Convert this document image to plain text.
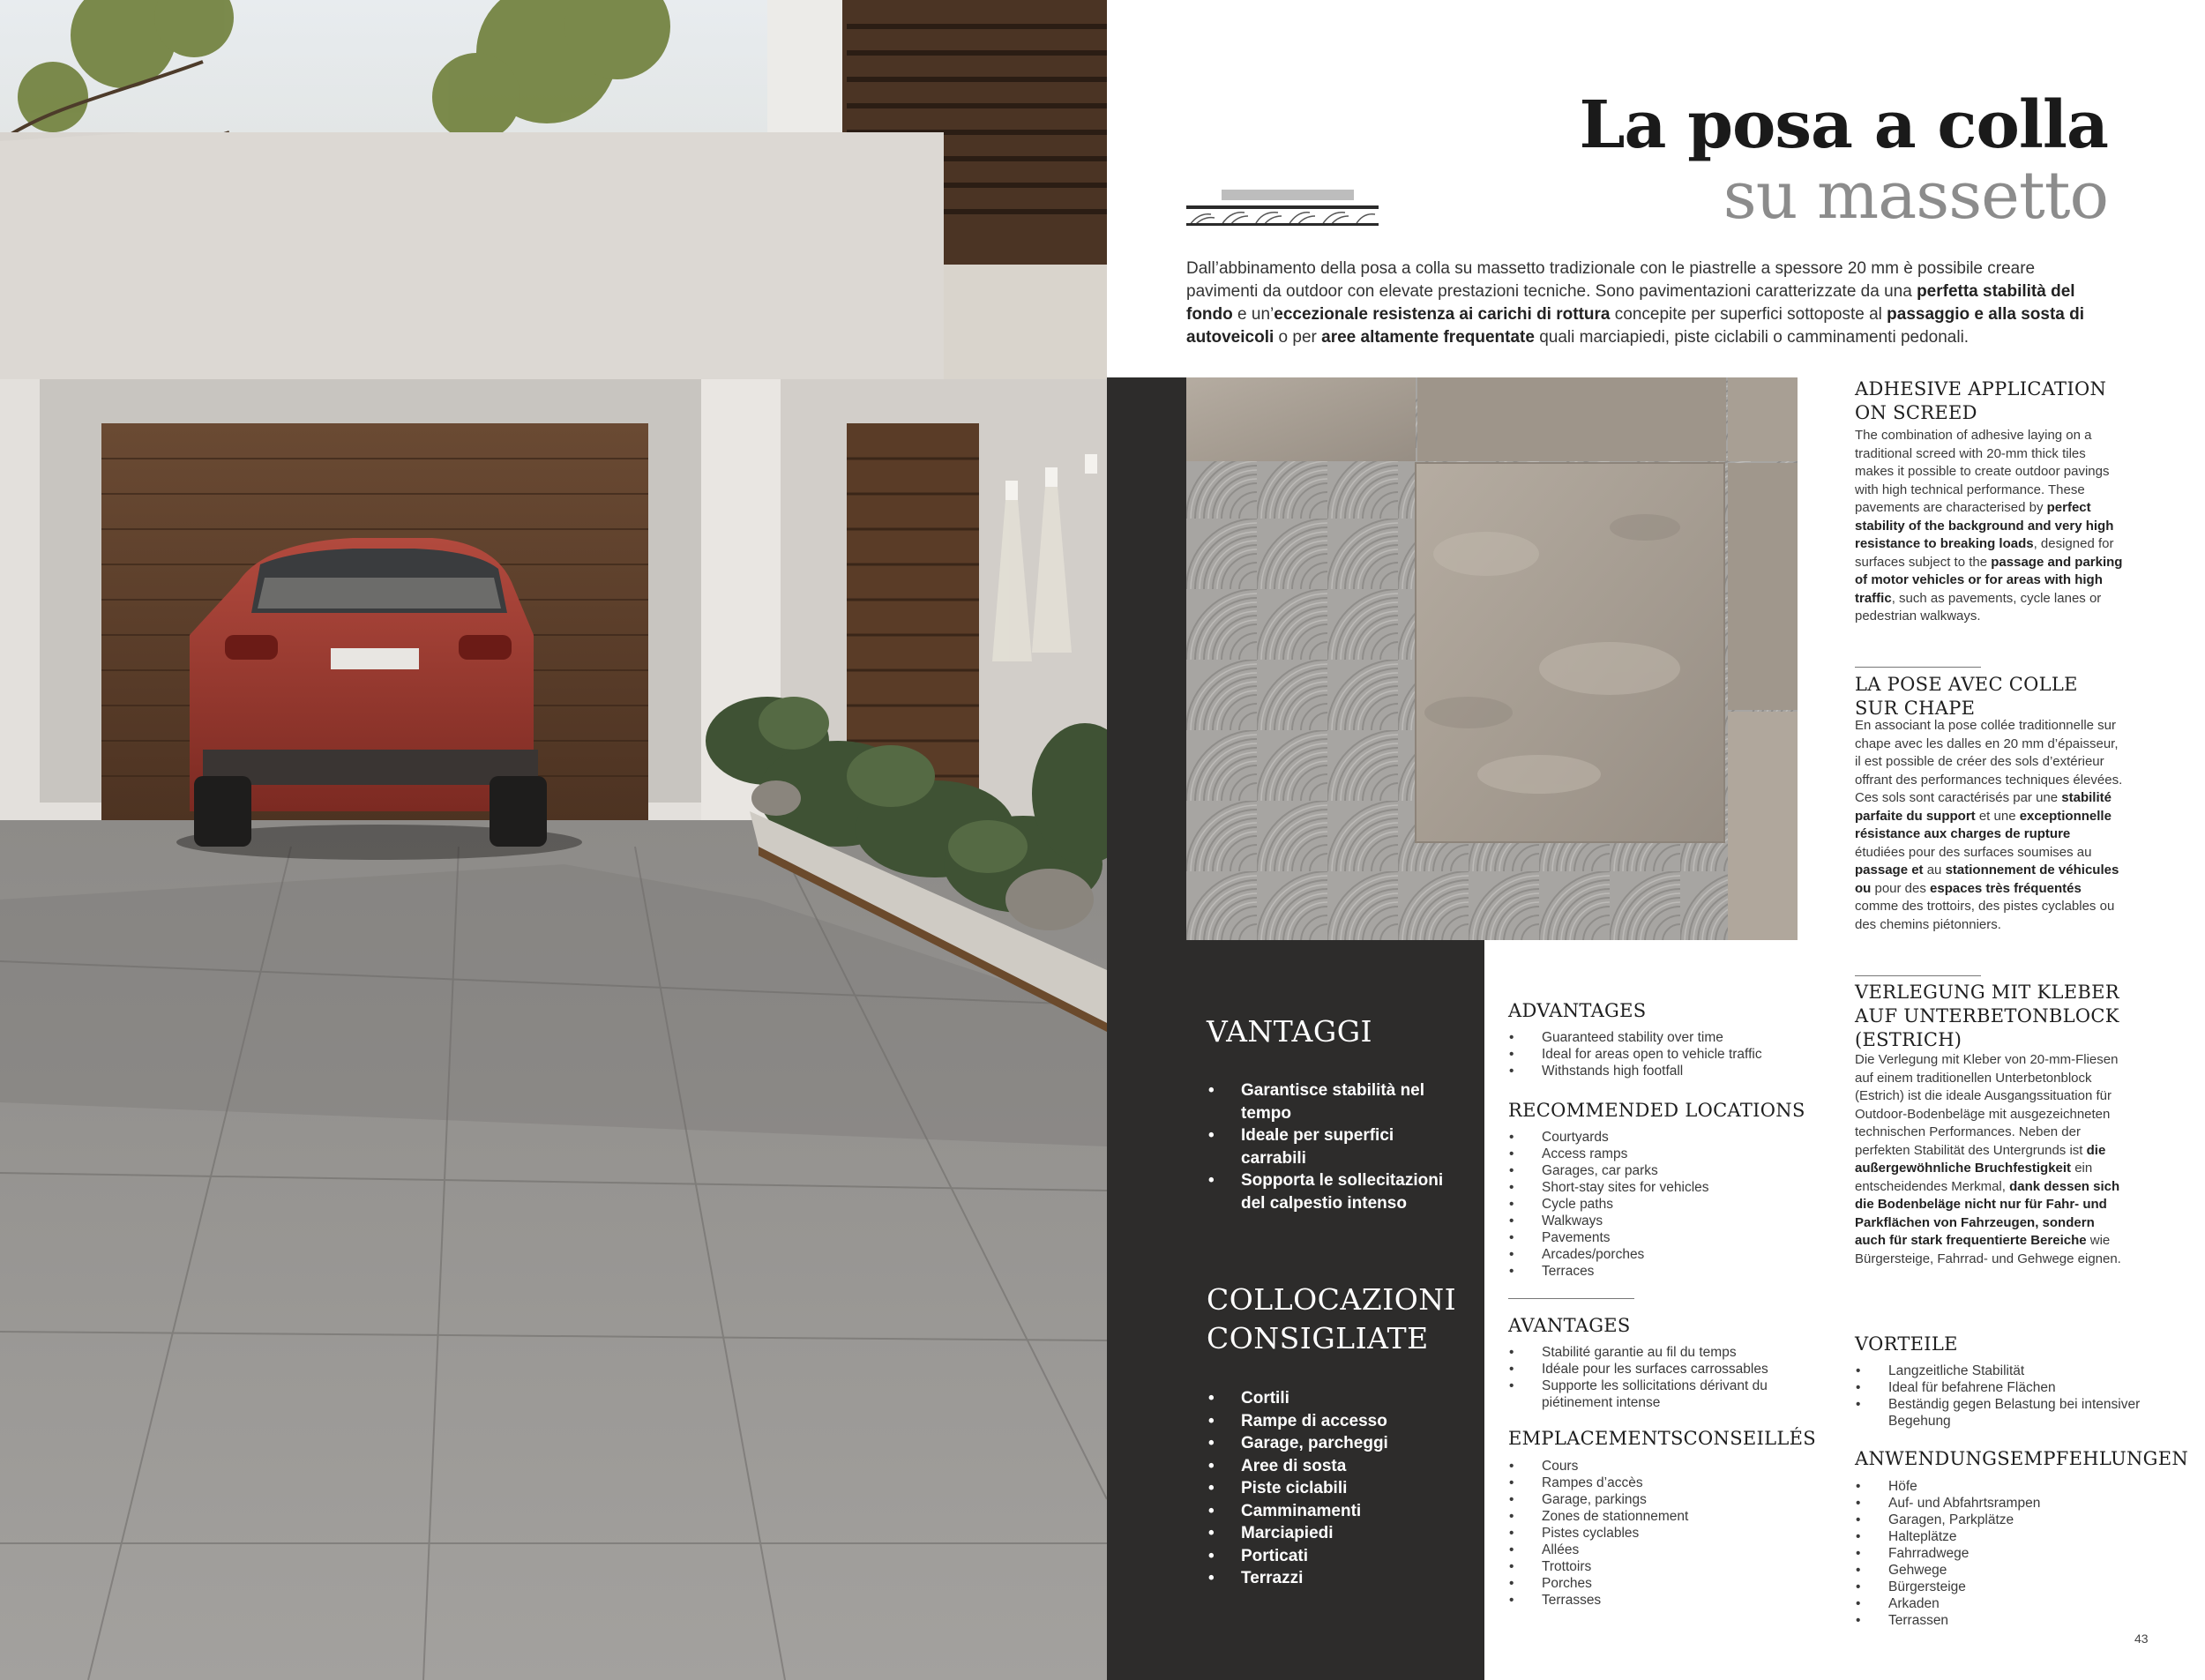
La posa a colla
su massetto
Dall’abbinamento della posa a colla su massetto tradizionale con le piastrelle a spessore 20 mm è possibile creare pavimenti da outdoor con elevate prestazioni tecniche. Sono pavimentazioni caratterizzate da una perfetta stabilità del fondo e un’eccezionale resistenza ai carichi di rottura concepite per superfici sottoposte al passaggio e alla sosta di autoveicoli o per aree altamente frequentate quali marciapiedi, piste ciclabili o camminamenti pedonali.
VANTAGGI
• Garantisce stabilità nel tempo
• Ideale per superfici carrabili
• Sopporta le sollecitazioni del calpestio intenso
COLLOCAZIONI CONSIGLIATE
• Cortili
• Rampe di accesso
• Garage, parcheggi
• Aree di sosta
• Piste ciclabili
• Camminamenti
• Marciapiedi
• Porticati
• Terrazzi
ADVANTAGES
• Guaranteed stability over time
• Ideal for areas open to vehicle traffic
• Withstands high footfall
RECOMMENDED LOCATIONS
• Courtyards
• Access ramps
• Garages, car parks
• Short-stay sites for vehicles
• Cycle paths
• Walkways
• Pavements
• Arcades/porches
• Terraces
AVANTAGES
• Stabilité garantie au fil du temps
• Idéale pour les surfaces carrossables
• Supporte les sollicitations dérivant du piétinement intense
EMPLACEMENTSCONSEILLÉS
• Cours
• Rampes d’accès
• Garage, parkings
• Zones de stationnement
• Pistes cyclables
• Allées
• Trottoirs
• Porches
• Terrasses
ADHESIVE APPLICATION
ON SCREED
The combination of adhesive laying on a traditional screed with 20-mm thick tiles makes it possible to create outdoor pavings with high technical performance. These pavements are characterised by perfect stability of the background and very high resistance to breaking loads, designed for surfaces subject to the passage and parking of motor vehicles or for areas with high traffic, such as pavements, cycle lanes or pedestrian walkways.
LA POSE AVEC COLLE
SUR CHAPE
En associant la pose collée traditionnelle sur chape avec les dalles en 20 mm d’épaisseur, il est possible de créer des sols d’extérieur offrant des performances techniques élevées. Ces sols sont caractérisés par une stabilité parfaite du support et une exceptionnelle résistance aux charges de rupture étudiées pour des surfaces soumises au passage et au stationnement de véhicules ou pour des espaces très fréquentés comme des trottoirs, des pistes cyclables ou des chemins piétonniers.
VERLEGUNG MIT KLEBER
AUF UNTERBETONBLOCK
(ESTRICH)
Die Verlegung mit Kleber von 20-mm-Fliesen auf einem traditionellen Unterbetonblock (Estrich) ist die ideale Ausgangssituation für Outdoor-Bodenbeläge mit ausgezeichneten technischen Performances. Neben der perfekten Stabilität des Untergrunds ist die außergewöhnliche Bruchfestigkeit ein entscheidendes Merkmal, dank dessen sich die Bodenbeläge nicht nur für Fahr- und Parkflächen von Fahrzeugen, sondern auch für stark frequentierte Bereiche wie Bürgersteige, Fahrrad- und Gehwege eignen.
VORTEILE
• Langzeitliche Stabilität
• Ideal für befahrene Flächen
• Beständig gegen Belastung bei intensiver Begehung
ANWENDUNGSEMPFEHLUNGEN
• Höfe
• Auf- und Abfahrtsrampen
• Garagen, Parkplätze
• Halteplätze
• Fahrradwege
• Gehwege
• Bürgersteige
• Arkaden
• Terrassen
43
